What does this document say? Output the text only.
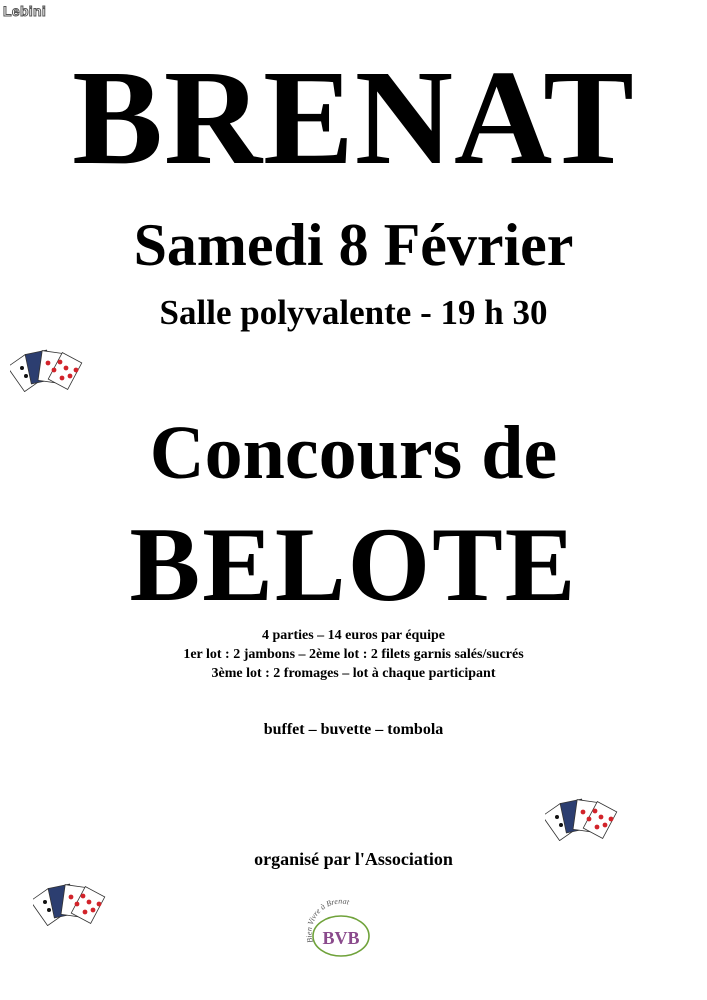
Lebini
BRENAT
Samedi 8 Février
Salle polyvalente - 19 h 30
Concours de
BELOTE
4 parties – 14 euros par équipe
1er lot : 2 jambons – 2ème lot : 2 filets garnis salés/sucrés
3ème lot : 2 fromages – lot à chaque participant
buffet – buvette – tombola
organisé par l'Association
Bien Vivre à Brenat
BVB
